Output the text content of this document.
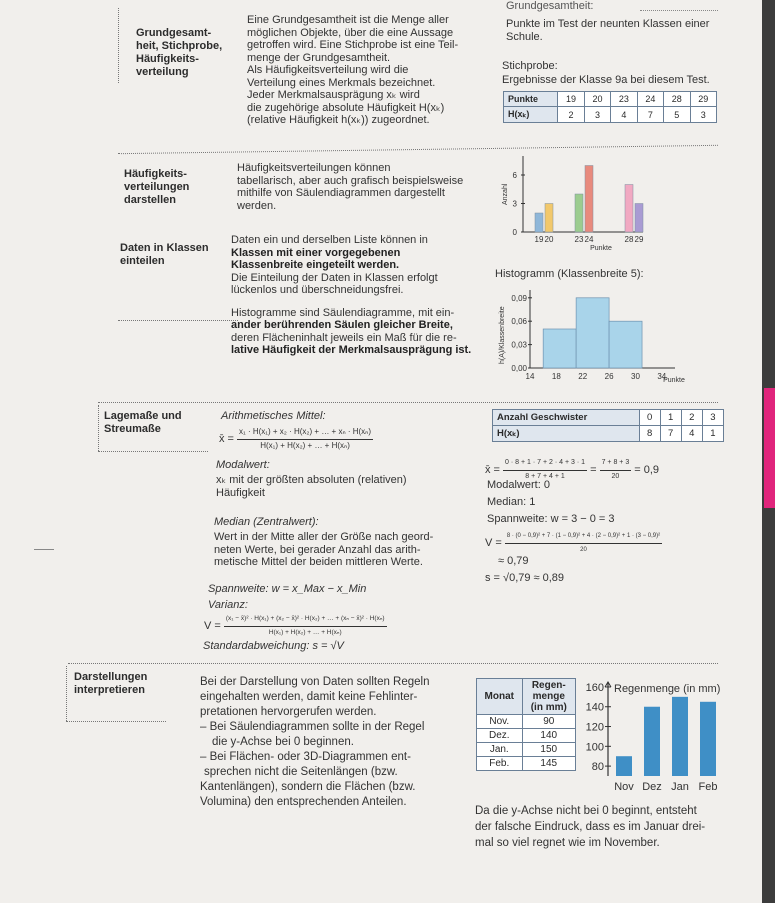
Grundgesamtheit:
Punkte im Test der neunten Klassen einer Schule.
Stichprobe:
Ergebnisse der Klasse 9a bei diesem Test.
Punkte	19	20	23	24	28	29
H(xₖ)	2	3	4	7	5	3
Grundgesamt-
heit, Stichprobe,
Häufigkeits-
verteilung
Eine Grundgesamtheit ist die Menge aller
möglichen Objekte, über die eine Aussage
getroffen wird. Eine Stichprobe ist eine Teil-
menge der Grundgesamtheit.
Als Häufigkeitsverteilung wird die
Verteilung eines Merkmals bezeichnet.
Jeder Merkmalsausprägung xₖ wird
die zugehörige absolute Häufigkeit H(xₖ)
(relative Häufigkeit h(xₖ)) zugeordnet.
Häufigkeits-
verteilungen
darstellen
Häufigkeitsverteilungen können
tabellarisch, aber auch grafisch beispielsweise
mithilfe von Säulendiagrammen dargestellt
werden.
Anzahl
0
3
6
19 20	23 24	28 29
Punkte
Daten in Klassen
einteilen
Daten ein und derselben Liste können in
Klassen mit einer vorgegebenen
Klassenbreite eingeteilt werden.
Die Einteilung der Daten in Klassen erfolgt
lückenlos und überschneidungsfrei.
Histogramme sind Säulendiagramme, mit ein-
ander berührenden Säulen gleicher Breite,
deren Flächeninhalt jeweils ein Maß für die re-
lative Häufigkeit der Merkmalsausprägung ist.
Histogramm (Klassenbreite 5):
h(A)/Klassenbreite
0,00
0,03
0,06
0,09
14 18 22 26 30 34
Punkte
Lagemaße und
Streumaße
Arithmetisches Mittel:
x̄ = $\frac{\text{x₁ · H(x₁) + x₂ · H(x₂) + … + xₙ · H(xₙ)}}{\text{H(x₁) + H(x₂) + … + H(xₙ)}}$
Modalwert:
xₖ mit der größten absoluten (relativen)
Häufigkeit
Median (Zentralwert):
Wert in der Mitte aller der Größe nach geord-
neten Werte, bei gerader Anzahl das arith-
metische Mittel der beiden mittleren Werte.
Spannweite: w = x_Max − x_Min
Varianz:
V =
(x₁ − x̄)² · H(x₁) + (x₂ − x̄)² · H(x₂) + … + (xₙ − x̄)² · H(xₙ)
H(x₁) + H(x₂) + … + H(xₙ)
Standardabweichung: s = √V
Anzahl Geschwister	0	1	2	3
H(xₖ)	8	7	4	1
x̄ = $\frac{0 \cdot 8 + 1 \cdot 7 + 2 \cdot 4 + 3 \cdot 1}{8 + 7 + 4 + 1} = \frac{7 + 8 + 3}{20} = 0,9$
Modalwert: 0
Median: 1
Spannweite: w = 3 − 0 = 3
V =
8 · (0 − 0,9)² + 7 · (1 − 0,9)² + 4 · (2 − 0,9)² + 1 · (3 − 0,9)²
20
≈ 0,79
s = √0,79 ≈ 0,89
Darstellungen
interpretieren
Bei der Darstellung von Daten sollten Regeln
eingehalten werden, damit keine Fehlinter-
pretationen hervorgerufen werden.
– Bei Säulendiagrammen sollte in der Regel
die y-Achse bei 0 beginnen.
– Bei Flächen- oder 3D-Diagrammen ent-
sprechen nicht die Seitenlängen (bzw.
Kantenlängen), sondern die Flächen (bzw.
Volumina) den entsprechenden Anteilen.
Monat	Regen-
menge
(in mm)

Nov.	90
Dez.	140
Jan.	150
Feb.	145
Regenmenge (in mm)
80
100
120
140
160
Nov Dez Jan Feb
Da die y-Achse nicht bei 0 beginnt, entsteht
der falsche Eindruck, dass es im Januar drei-
mal so viel regnet wie im November.
